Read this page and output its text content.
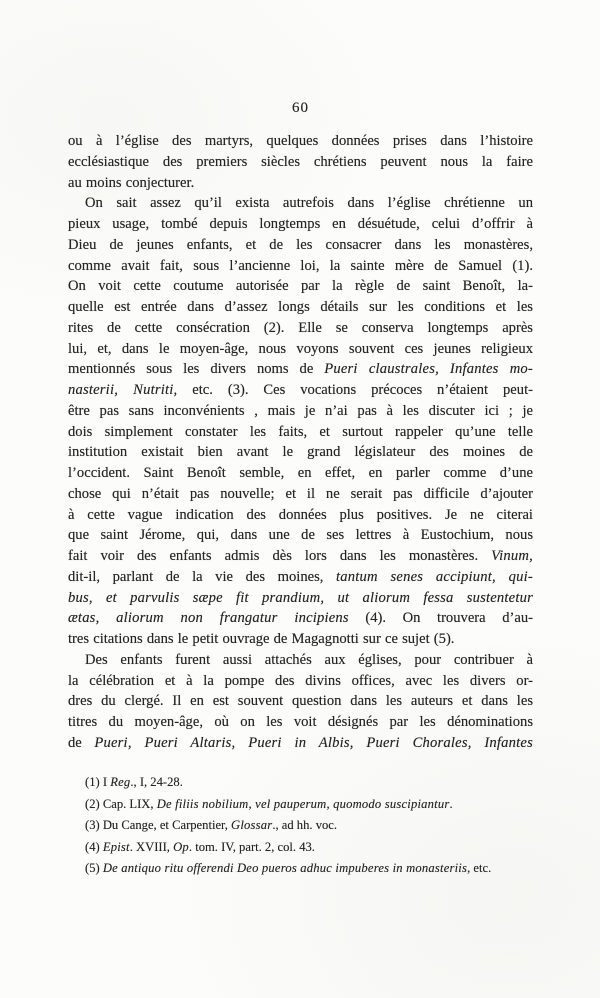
60
ou à l’église des martyrs, quelques données prises dans l’histoire
ecclésiastique des premiers siècles chrétiens peuvent nous la faire
au moins conjecturer.
On sait assez qu’il exista autrefois dans l’église chrétienne un
pieux usage, tombé depuis longtemps en désuétude, celui d’offrir à
Dieu de jeunes enfants, et de les consacrer dans les monastères,
comme avait fait, sous l’ancienne loi, la sainte mère de Samuel (1).
On voit cette coutume autorisée par la règle de saint Benoît, la-
quelle est entrée dans d’assez longs détails sur les conditions et les
rites de cette consécration (2). Elle se conserva longtemps après
lui, et, dans le moyen-âge, nous voyons souvent ces jeunes religieux
mentionnés sous les divers noms de Pueri claustrales, Infantes mo-
nasterii, Nutriti, etc. (3). Ces vocations précoces n’étaient peut-
être pas sans inconvénients , mais je n’ai pas à les discuter ici ; je
dois simplement constater les faits, et surtout rappeler qu’une telle
institution existait bien avant le grand législateur des moines de
l’occident. Saint Benoît semble, en effet, en parler comme d’une
chose qui n’était pas nouvelle; et il ne serait pas difficile d’ajouter
à cette vague indication des données plus positives. Je ne citerai
que saint Jérome, qui, dans une de ses lettres à Eustochium, nous
fait voir des enfants admis dès lors dans les monastères. Vinum,
dit-il, parlant de la vie des moines, tantum senes accipiunt, qui-
bus, et parvulis sæpe fit prandium, ut aliorum fessa sustentetur
ætas, aliorum non frangatur incipiens (4). On trouvera d’au-
tres citations dans le petit ouvrage de Magagnotti sur ce sujet (5).
Des enfants furent aussi attachés aux églises, pour contribuer à
la célébration et à la pompe des divins offices, avec les divers or-
dres du clergé. Il en est souvent question dans les auteurs et dans les
titres du moyen-âge, où on les voit désignés par les dénominations
de Pueri, Pueri Altaris, Pueri in Albis, Pueri Chorales, Infantes
(1) I Reg., I, 24-28.
(2) Cap. LIX, De filiis nobilium, vel pauperum, quomodo suscipiantur.
(3) Du Cange, et Carpentier, Glossar., ad hh. voc.
(4) Epist. XVIII, Op. tom. IV, part. 2, col. 43.
(5) De antiquo ritu offerendi Deo pueros adhuc impuberes in monasteriis, etc.
